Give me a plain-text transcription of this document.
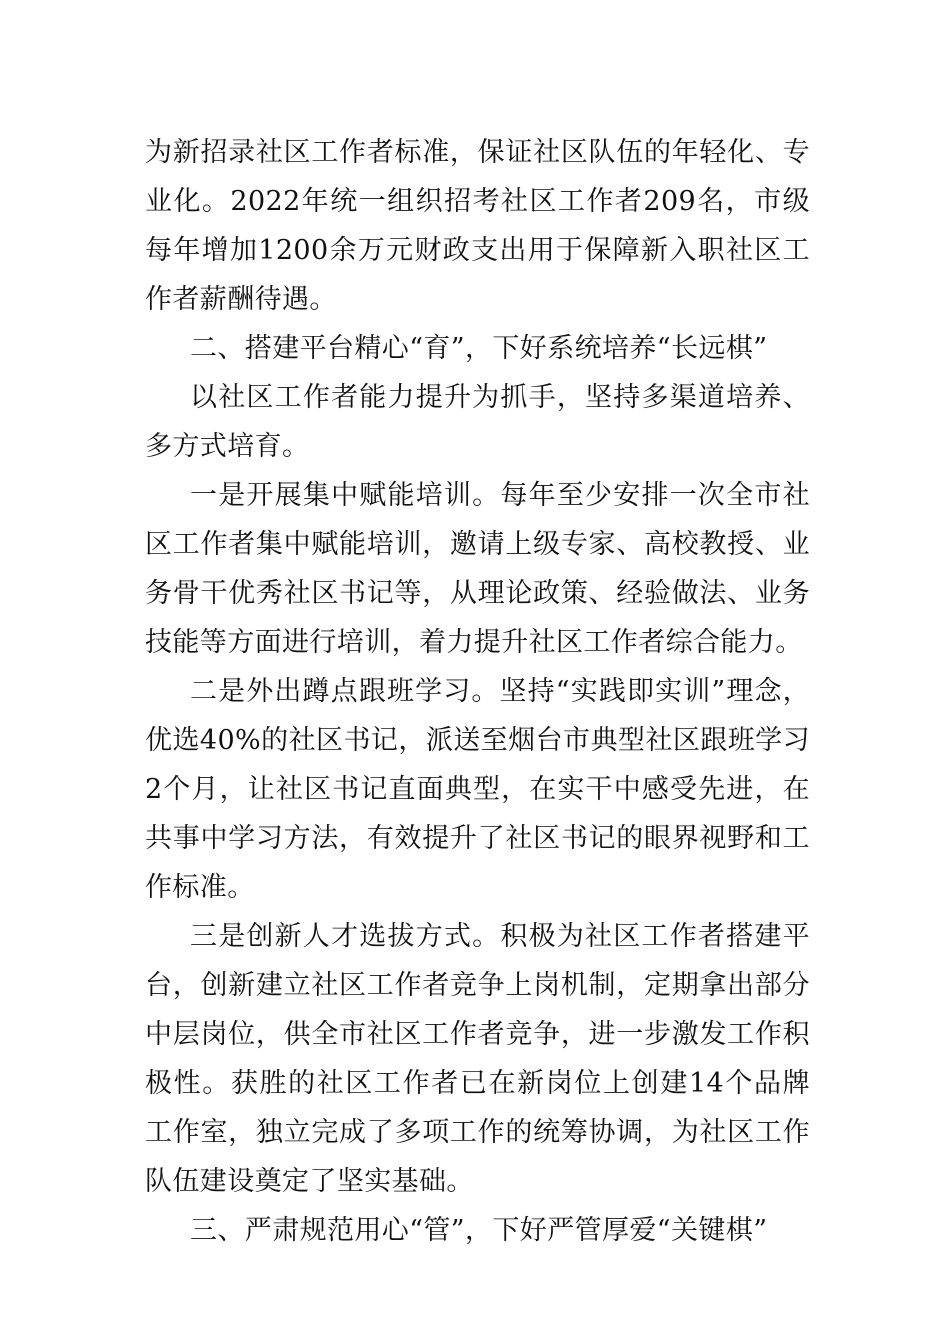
为新招录社区工作者标准，保证社区队伍的年轻化、专业化。2022年统一组织招考社区工作者209名，市级每年增加1200余万元财政支出用于保障新入职社区工作者薪酬待遇。

二、搭建平台精心“育”，下好系统培养“长远棋”

以社区工作者能力提升为抓手，坚持多渠道培养、多方式培育。

一是开展集中赋能培训。每年至少安排一次全市社区工作者集中赋能培训，邀请上级专家、高校教授、业务骨干优秀社区书记等，从理论政策、经验做法、业务技能等方面进行培训，着力提升社区工作者综合能力。

二是外出蹲点跟班学习。坚持“实践即实训”理念，优选40%的社区书记，派送至烟台市典型社区跟班学习2个月，让社区书记直面典型，在实干中感受先进，在共事中学习方法，有效提升了社区书记的眼界视野和工作标准。

三是创新人才选拔方式。积极为社区工作者搭建平台，创新建立社区工作者竞争上岗机制，定期拿出部分中层岗位，供全市社区工作者竞争，进一步激发工作积极性。获胜的社区工作者已在新岗位上创建14个品牌工作室，独立完成了多项工作的统筹协调，为社区工作队伍建设奠定了坚实基础。

三、严肃规范用心“管”，下好严管厚爱“关键棋”
